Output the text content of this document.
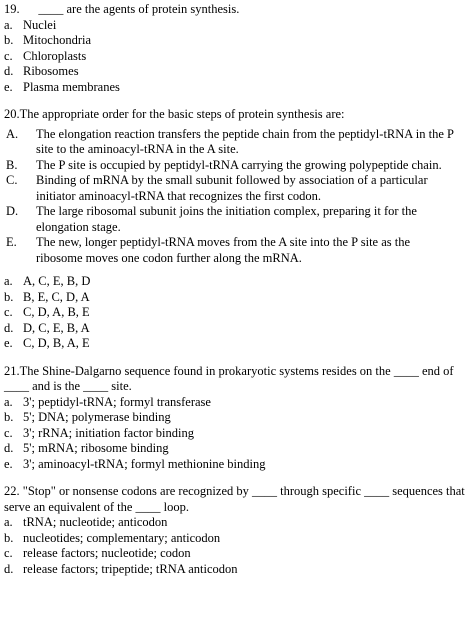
19.      ____ are the agents of protein synthesis.
a. Nuclei
b. Mitochondria
c. Chloroplasts
d. Ribosomes
e. Plasma membranes
20.The appropriate order for the basic steps of protein synthesis are:
A.	The elongation reaction transfers the peptide chain from the peptidyl-tRNA in the P site to the aminoacyl-tRNA in the A site.
B.	The P site is occupied by peptidyl-tRNA carrying the growing polypeptide chain.
C.	Binding of mRNA by the small subunit followed by association of a particular initiator aminoacyl-tRNA that recognizes the first codon.
D.	The large ribosomal subunit joins the initiation complex, preparing it for the elongation stage.
E.	The new, longer peptidyl-tRNA moves from the A site into the P site as the ribosome moves one codon further along the mRNA.
a. A, C, E, B, D
b. B, E, C, D, A
c. C, D, A, B, E
d. D, C, E, B, A
e. C, D, B, A, E
21.The Shine-Dalgarno sequence found in prokaryotic systems resides on the ____ end of ____ and is the ____ site.
a. 3'; peptidyl-tRNA; formyl transferase
b. 5'; DNA; polymerase binding
c. 3'; rRNA; initiation factor binding
d. 5'; mRNA; ribosome binding
e. 3'; aminoacyl-tRNA; formyl methionine binding
22. "Stop" or nonsense codons are recognized by ____ through specific ____ sequences that serve an equivalent of the ____ loop.
a. tRNA; nucleotide; anticodon
b. nucleotides; complementary; anticodon
c. release factors; nucleotide; codon
d. release factors; tripeptide; tRNA anticodon
